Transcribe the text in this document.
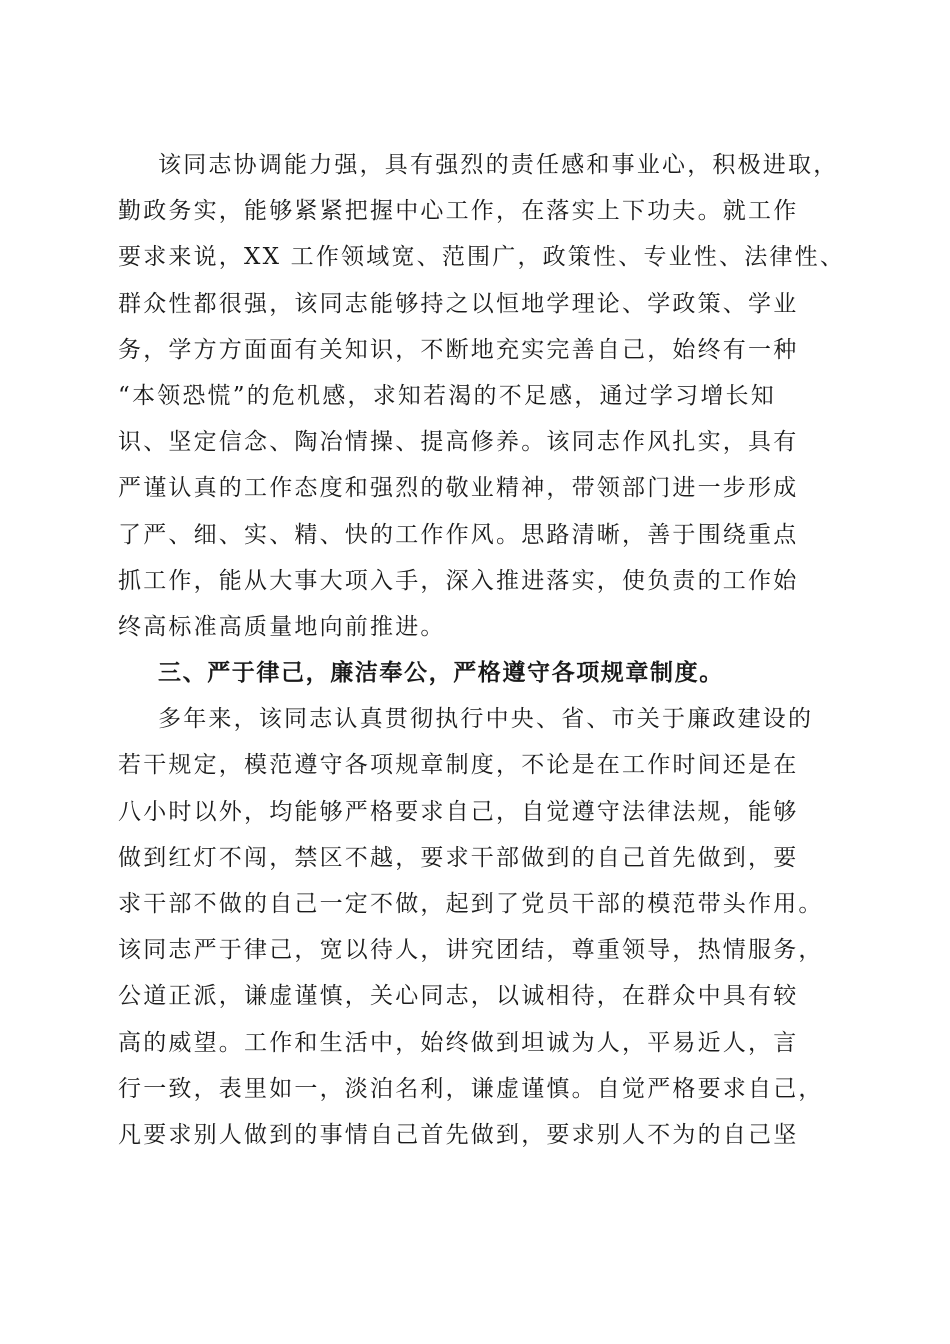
该同志协调能力强，具有强烈的责任感和事业心，积极进取，
勤政务实，能够紧紧把握中心工作，在落实上下功夫。就工作
要求来说，XX 工作领域宽、范围广，政策性、专业性、法律性、
群众性都很强，该同志能够持之以恒地学理论、学政策、学业
务，学方方面面有关知识，不断地充实完善自己，始终有一种
“本领恐慌”的危机感，求知若渴的不足感，通过学习增长知
识、坚定信念、陶冶情操、提高修养。该同志作风扎实，具有
严谨认真的工作态度和强烈的敬业精神，带领部门进一步形成
了严、细、实、精、快的工作作风。思路清晰，善于围绕重点
抓工作，能从大事大项入手，深入推进落实，使负责的工作始
终高标准高质量地向前推进。
三、严于律己，廉洁奉公，严格遵守各项规章制度。
多年来，该同志认真贯彻执行中央、省、市关于廉政建设的
若干规定，模范遵守各项规章制度，不论是在工作时间还是在
八小时以外，均能够严格要求自己，自觉遵守法律法规，能够
做到红灯不闯，禁区不越，要求干部做到的自己首先做到，要
求干部不做的自己一定不做，起到了党员干部的模范带头作用。
该同志严于律己，宽以待人，讲究团结，尊重领导，热情服务，
公道正派，谦虚谨慎，关心同志，以诚相待，在群众中具有较
高的威望。工作和生活中，始终做到坦诚为人，平易近人，言
行一致，表里如一，淡泊名利，谦虚谨慎。自觉严格要求自己，
凡要求别人做到的事情自己首先做到，要求别人不为的自己坚
